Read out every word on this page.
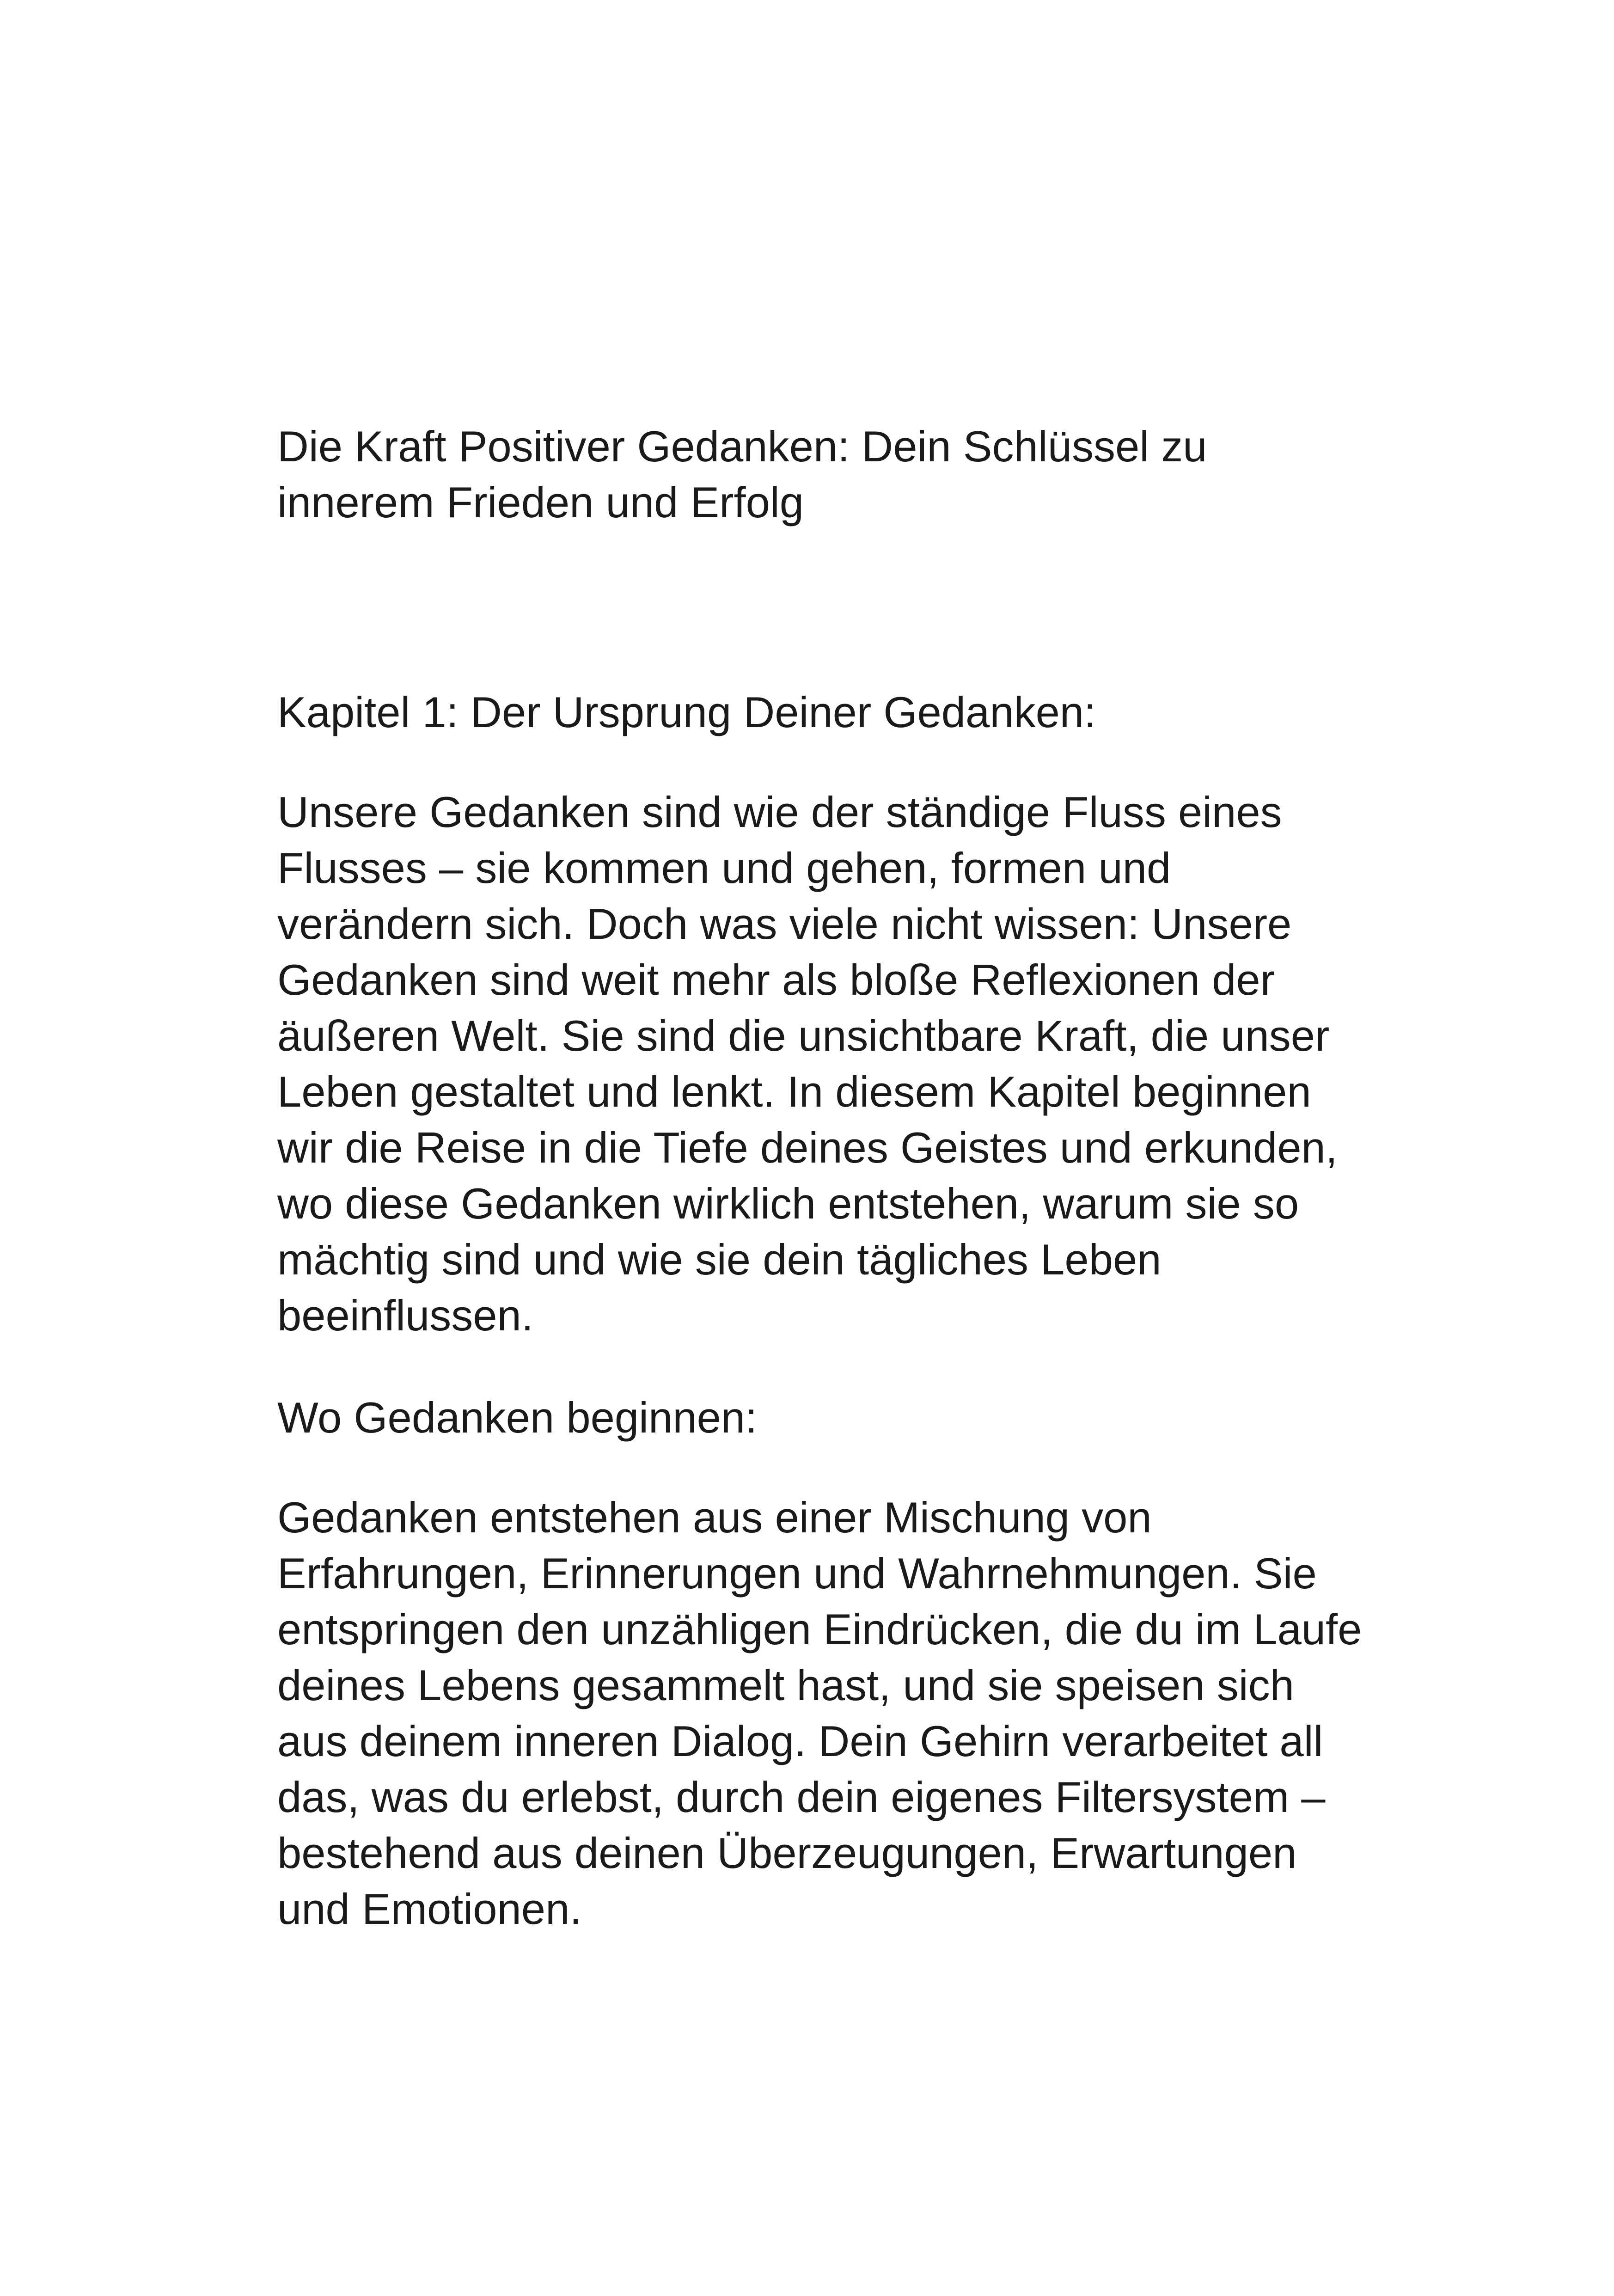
Die Kraft Positiver Gedanken: Dein Schlüssel zu
innerem Frieden und Erfolg

Kapitel 1: Der Ursprung Deiner Gedanken:

Unsere Gedanken sind wie der ständige Fluss eines
Flusses – sie kommen und gehen, formen und
verändern sich. Doch was viele nicht wissen: Unsere
Gedanken sind weit mehr als bloße Reflexionen der
äußeren Welt. Sie sind die unsichtbare Kraft, die unser
Leben gestaltet und lenkt. In diesem Kapitel beginnen
wir die Reise in die Tiefe deines Geistes und erkunden,
wo diese Gedanken wirklich entstehen, warum sie so
mächtig sind und wie sie dein tägliches Leben
beeinflussen.

Wo Gedanken beginnen:

Gedanken entstehen aus einer Mischung von
Erfahrungen, Erinnerungen und Wahrnehmungen. Sie
entspringen den unzähligen Eindrücken, die du im Laufe
deines Lebens gesammelt hast, und sie speisen sich
aus deinem inneren Dialog. Dein Gehirn verarbeitet all
das, was du erlebst, durch dein eigenes Filtersystem –
bestehend aus deinen Überzeugungen, Erwartungen
und Emotionen.
